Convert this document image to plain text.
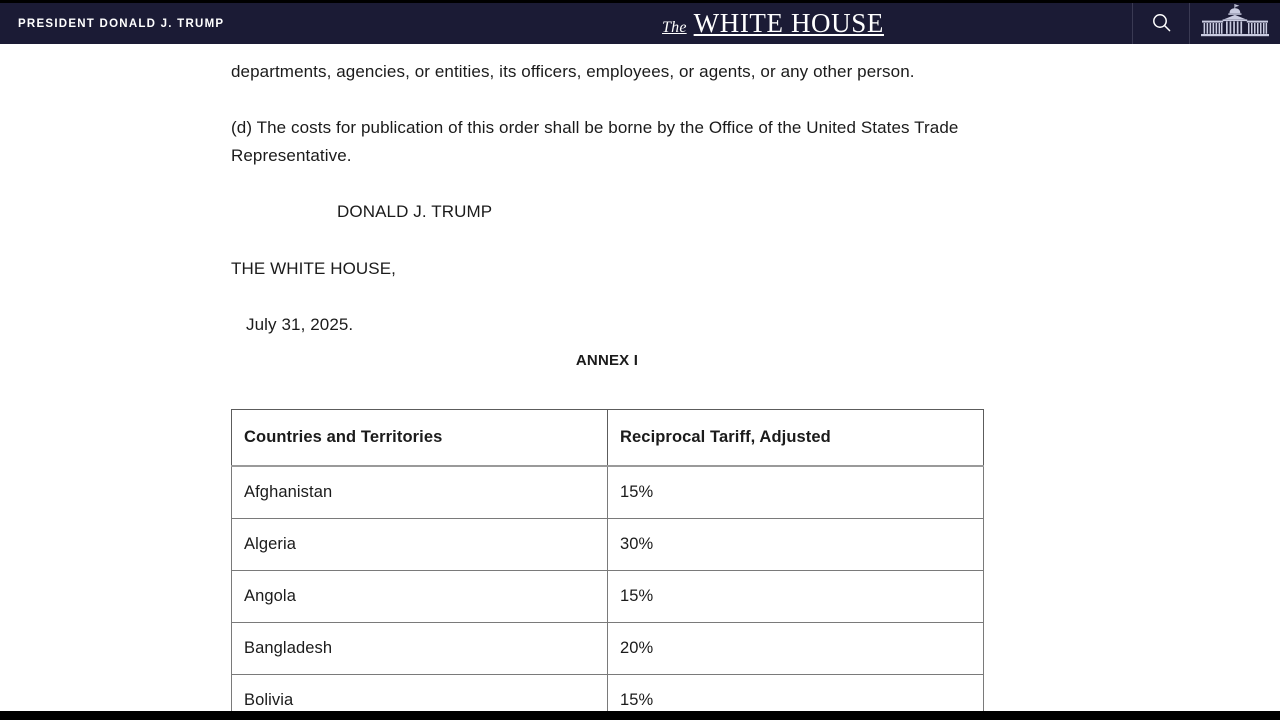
PRESIDENT DONALD J. TRUMP	The WHITE HOUSE

departments, agencies, or entities, its officers, employees, or agents, or any other person.

(d) The costs for publication of this order shall be borne by the Office of the United States Trade Representative.

DONALD J. TRUMP

THE WHITE HOUSE,

July 31, 2025.

ANNEX I
Countries and Territories	Reciprocal Tariff, Adjusted
Afghanistan	15%
Algeria	30%
Angola	15%
Bangladesh	20%
Bolivia	15%
